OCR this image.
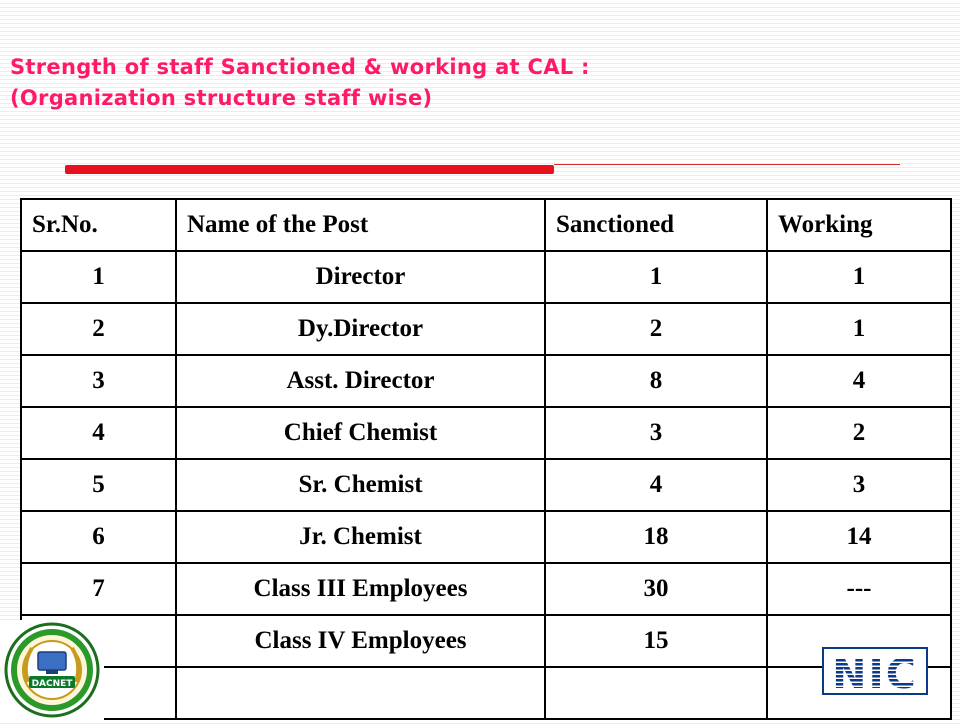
Strength of staff Sanctioned & working at CAL :
(Organization structure staff wise)
Sr.No.	Name of the Post	Sanctioned	Working
1	Director	1	1
2	Dy.Director	2	1
3	Asst. Director	8	4
4	Chief Chemist	3	2
5	Sr. Chemist	4	3
6	Jr. Chemist	18	14
7	Class III Employees	30	---
	Class IV Employees	15	

DACNET	NIC
